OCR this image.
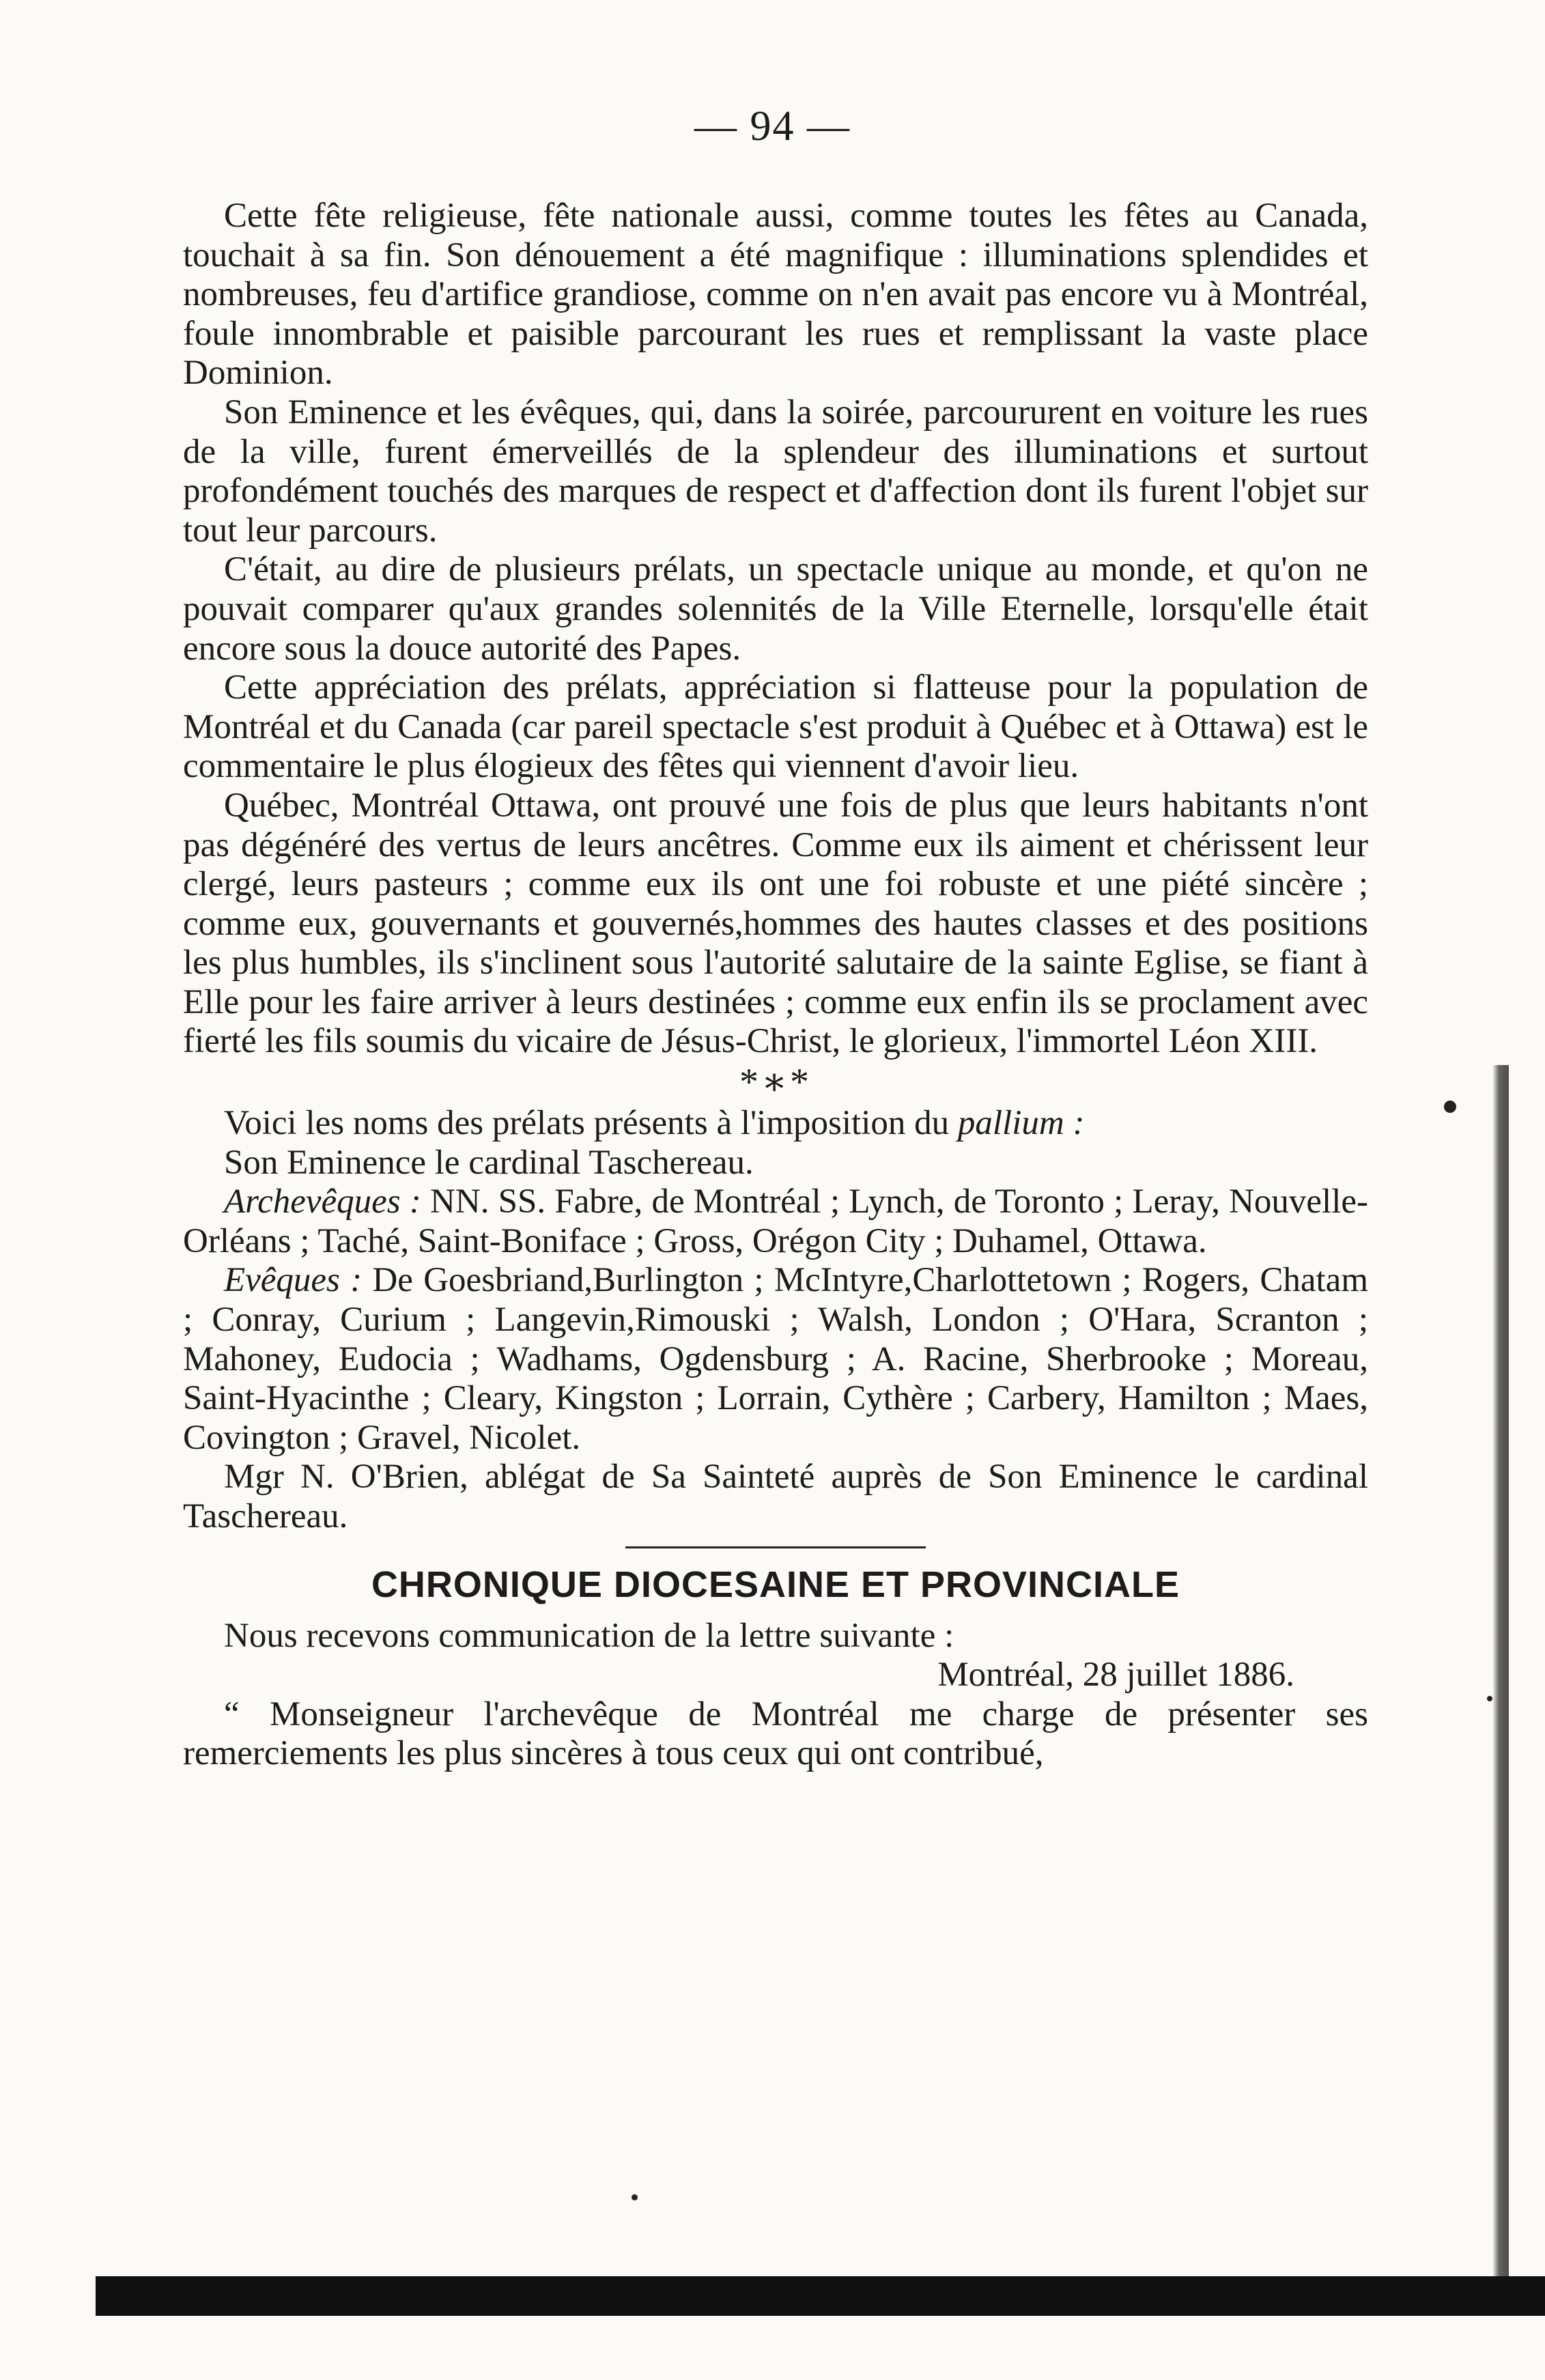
— 94 —

Cette fête religieuse, fête nationale aussi, comme toutes les fêtes au Canada, touchait à sa fin. Son dénouement a été magnifique : illuminations splendides et nombreuses, feu d'artifice grandiose, comme on n'en avait pas encore vu à Montréal, foule innombrable et paisible parcourant les rues et remplissant la vaste place Dominion.

Son Eminence et les évêques, qui, dans la soirée, parcoururent en voiture les rues de la ville, furent émerveillés de la splendeur des illuminations et surtout profondément touchés des marques de respect et d'affection dont ils furent l'objet sur tout leur parcours.

C'était, au dire de plusieurs prélats, un spectacle unique au monde, et qu'on ne pouvait comparer qu'aux grandes solennités de la Ville Eternelle, lorsqu'elle était encore sous la douce autorité des Papes.

Cette appréciation des prélats, appréciation si flatteuse pour la population de Montréal et du Canada (car pareil spectacle s'est produit à Québec et à Ottawa) est le commentaire le plus élogieux des fêtes qui viennent d'avoir lieu.

Québec, Montréal Ottawa, ont prouvé une fois de plus que leurs habitants n'ont pas dégénéré des vertus de leurs ancêtres. Comme eux ils aiment et chérissent leur clergé, leurs pasteurs ; comme eux ils ont une foi robuste et une piété sincère ; comme eux, gouvernants et gouvernés,hommes des hautes classes et des positions les plus humbles, ils s'inclinent sous l'autorité salutaire de la sainte Eglise, se fiant à Elle pour les faire arriver à leurs destinées ; comme eux enfin ils se proclament avec fierté les fils soumis du vicaire de Jésus-Christ, le glorieux, l'immortel Léon XIII.

*∗*

Voici les noms des prélats présents à l'imposition du pallium :

Son Eminence le cardinal Taschereau.

Archevêques : NN. SS. Fabre, de Montréal ; Lynch, de Toronto ; Leray, Nouvelle-Orléans ; Taché, Saint-Boniface ; Gross, Orégon City ; Duhamel, Ottawa.

Evêques : De Goesbriand,Burlington ; McIntyre,Charlottetown ; Rogers, Chatam ; Conray, Curium ; Langevin,Rimouski ; Walsh, London ; O'Hara, Scranton ; Mahoney, Eudocia ; Wadhams, Ogdensburg ; A. Racine, Sherbrooke ; Moreau, Saint-Hyacinthe ; Cleary, Kingston ; Lorrain, Cythère ; Carbery, Hamilton ; Maes, Covington ; Gravel, Nicolet.

Mgr N. O'Brien, ablégat de Sa Sainteté auprès de Son Eminence le cardinal Taschereau.

CHRONIQUE DIOCESAINE ET PROVINCIALE

Nous recevons communication de la lettre suivante :

Montréal, 28 juillet 1886.

“ Monseigneur l'archevêque de Montréal me charge de présenter ses remerciements les plus sincères à tous ceux qui ont contribué,
